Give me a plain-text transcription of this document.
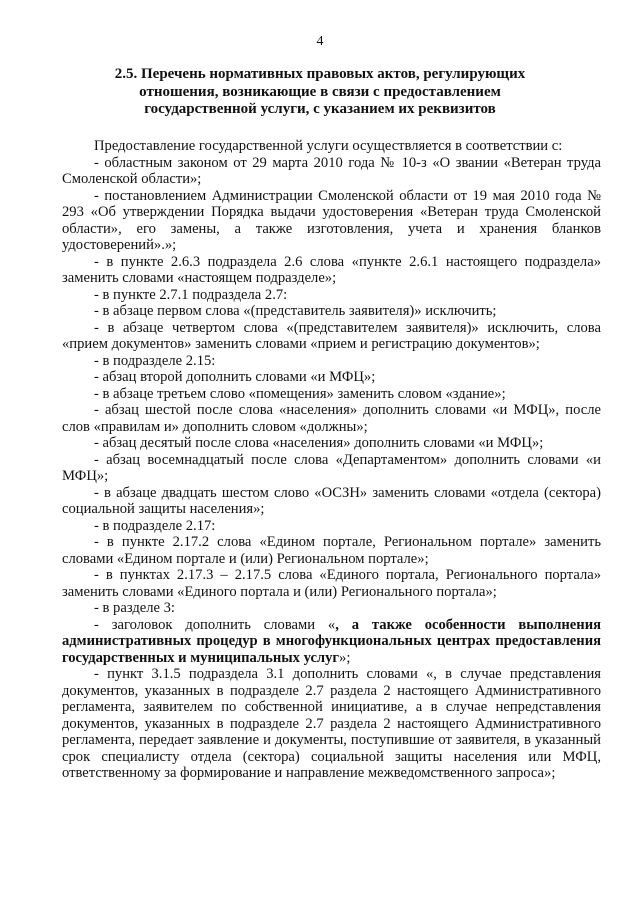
4
2.5. Перечень нормативных правовых актов, регулирующих отношения, возникающие в связи с предоставлением государственной услуги, с указанием их реквизитов

Предоставление государственной услуги осуществляется в соответствии с:

- областным законом от 29 марта 2010 года № 10-з «О звании «Ветеран труда Смоленской области»;

- постановлением Администрации Смоленской области от 19 мая 2010 года № 293 «Об утверждении Порядка выдачи удостоверения «Ветеран труда Смоленской области», его замены, а также изготовления, учета и хранения бланков удостоверений».»;

- в пункте 2.6.3 подраздела 2.6 слова «пункте 2.6.1 настоящего подраздела» заменить словами «настоящем подразделе»;

- в пункте 2.7.1 подраздела 2.7:

- в абзаце первом слова «(представитель заявителя)» исключить;

- в абзаце четвертом слова «(представителем заявителя)» исключить, слова «прием документов» заменить словами «прием и регистрацию документов»;

- в подразделе 2.15:

- абзац второй дополнить словами «и МФЦ»;

- в абзаце третьем слово «помещения» заменить словом «здание»;

- абзац шестой после слова «населения» дополнить словами «и МФЦ», после слов «правилам и» дополнить словом «должны»;

- абзац десятый после слова «населения» дополнить словами «и МФЦ»;

- абзац восемнадцатый после слова «Департаментом» дополнить словами «и МФЦ»;

- в абзаце двадцать шестом слово «ОСЗН» заменить словами «отдела (сектора) социальной защиты населения»;

- в подразделе 2.17:

- в пункте 2.17.2 слова «Едином портале, Региональном портале» заменить словами «Едином портале и (или) Региональном портале»;

- в пунктах 2.17.3 – 2.17.5 слова «Единого портала, Регионального портала» заменить словами «Единого портала и (или) Регионального портала»;

- в разделе 3:

- заголовок дополнить словами «, а также особенности выполнения административных процедур в многофункциональных центрах предоставления государственных и муниципальных услуг»;

- пункт 3.1.5 подраздела 3.1 дополнить словами «, в случае представления документов, указанных в подразделе 2.7 раздела 2 настоящего Административного регламента, заявителем по собственной инициативе, а в случае непредставления документов, указанных в подразделе 2.7 раздела 2 настоящего Административного регламента, передает заявление и документы, поступившие от заявителя, в указанный срок специалисту отдела (сектора) социальной защиты населения или МФЦ, ответственному за формирование и направление межведомственного запроса»;
